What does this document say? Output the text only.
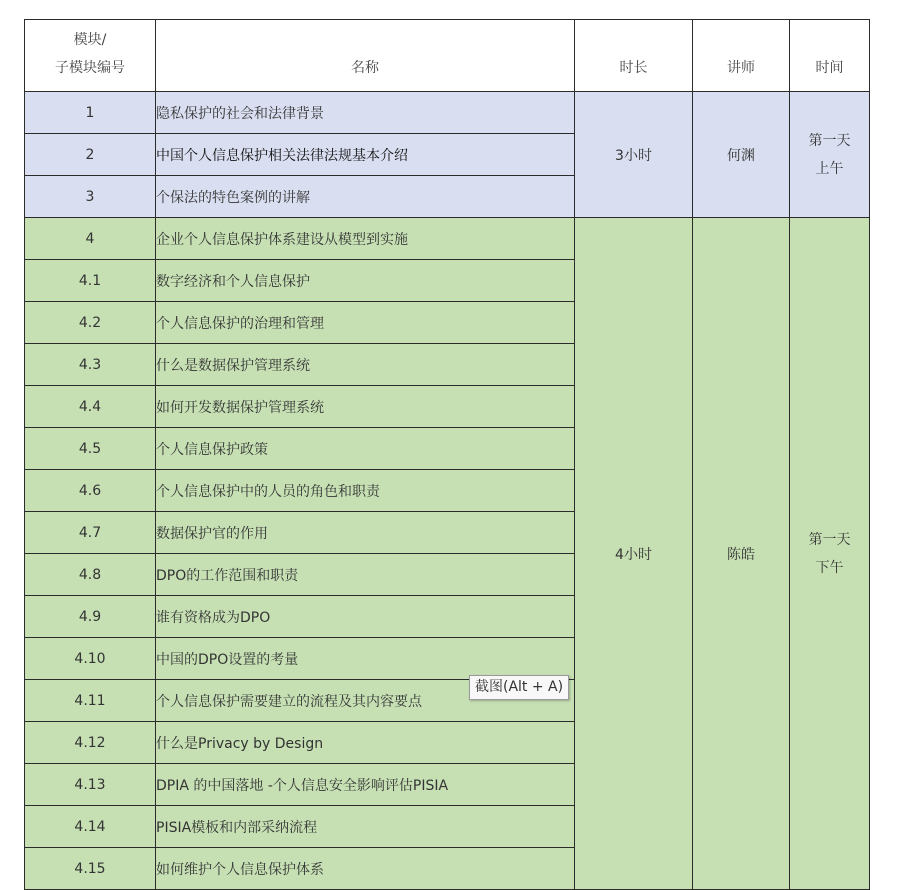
模块/
子模块编号	名称	时长	讲师	时间

1	隐私保护的社会和法律背景	3小时	何渊	第一天
上午
2	中国个人信息保护相关法律法规基本介绍			
3	个保法的特色案例的讲解			
4	企业个人信息保护体系建设从模型到实施	4小时	陈皓	第一天
下午
4.1	数字经济和个人信息保护			
4.2	个人信息保护的治理和管理			
4.3	什么是数据保护管理系统			
4.4	如何开发数据保护管理系统			
4.5	个人信息保护政策			
4.6	个人信息保护中的人员的角色和职责			
4.7	数据保护官的作用			
4.8	DPO的工作范围和职责			
4.9	谁有资格成为DPO			
4.10	中国的DPO设置的考量			
4.11	个人信息保护需要建立的流程及其内容要点			
4.12	什么是Privacy by Design			
4.13	DPIA 的中国落地 -个人信息安全影响评估PISIA			
4.14	PISIA模板和内部采纳流程			
4.15	如何维护个人信息保护体系			
截图(Alt + A)
